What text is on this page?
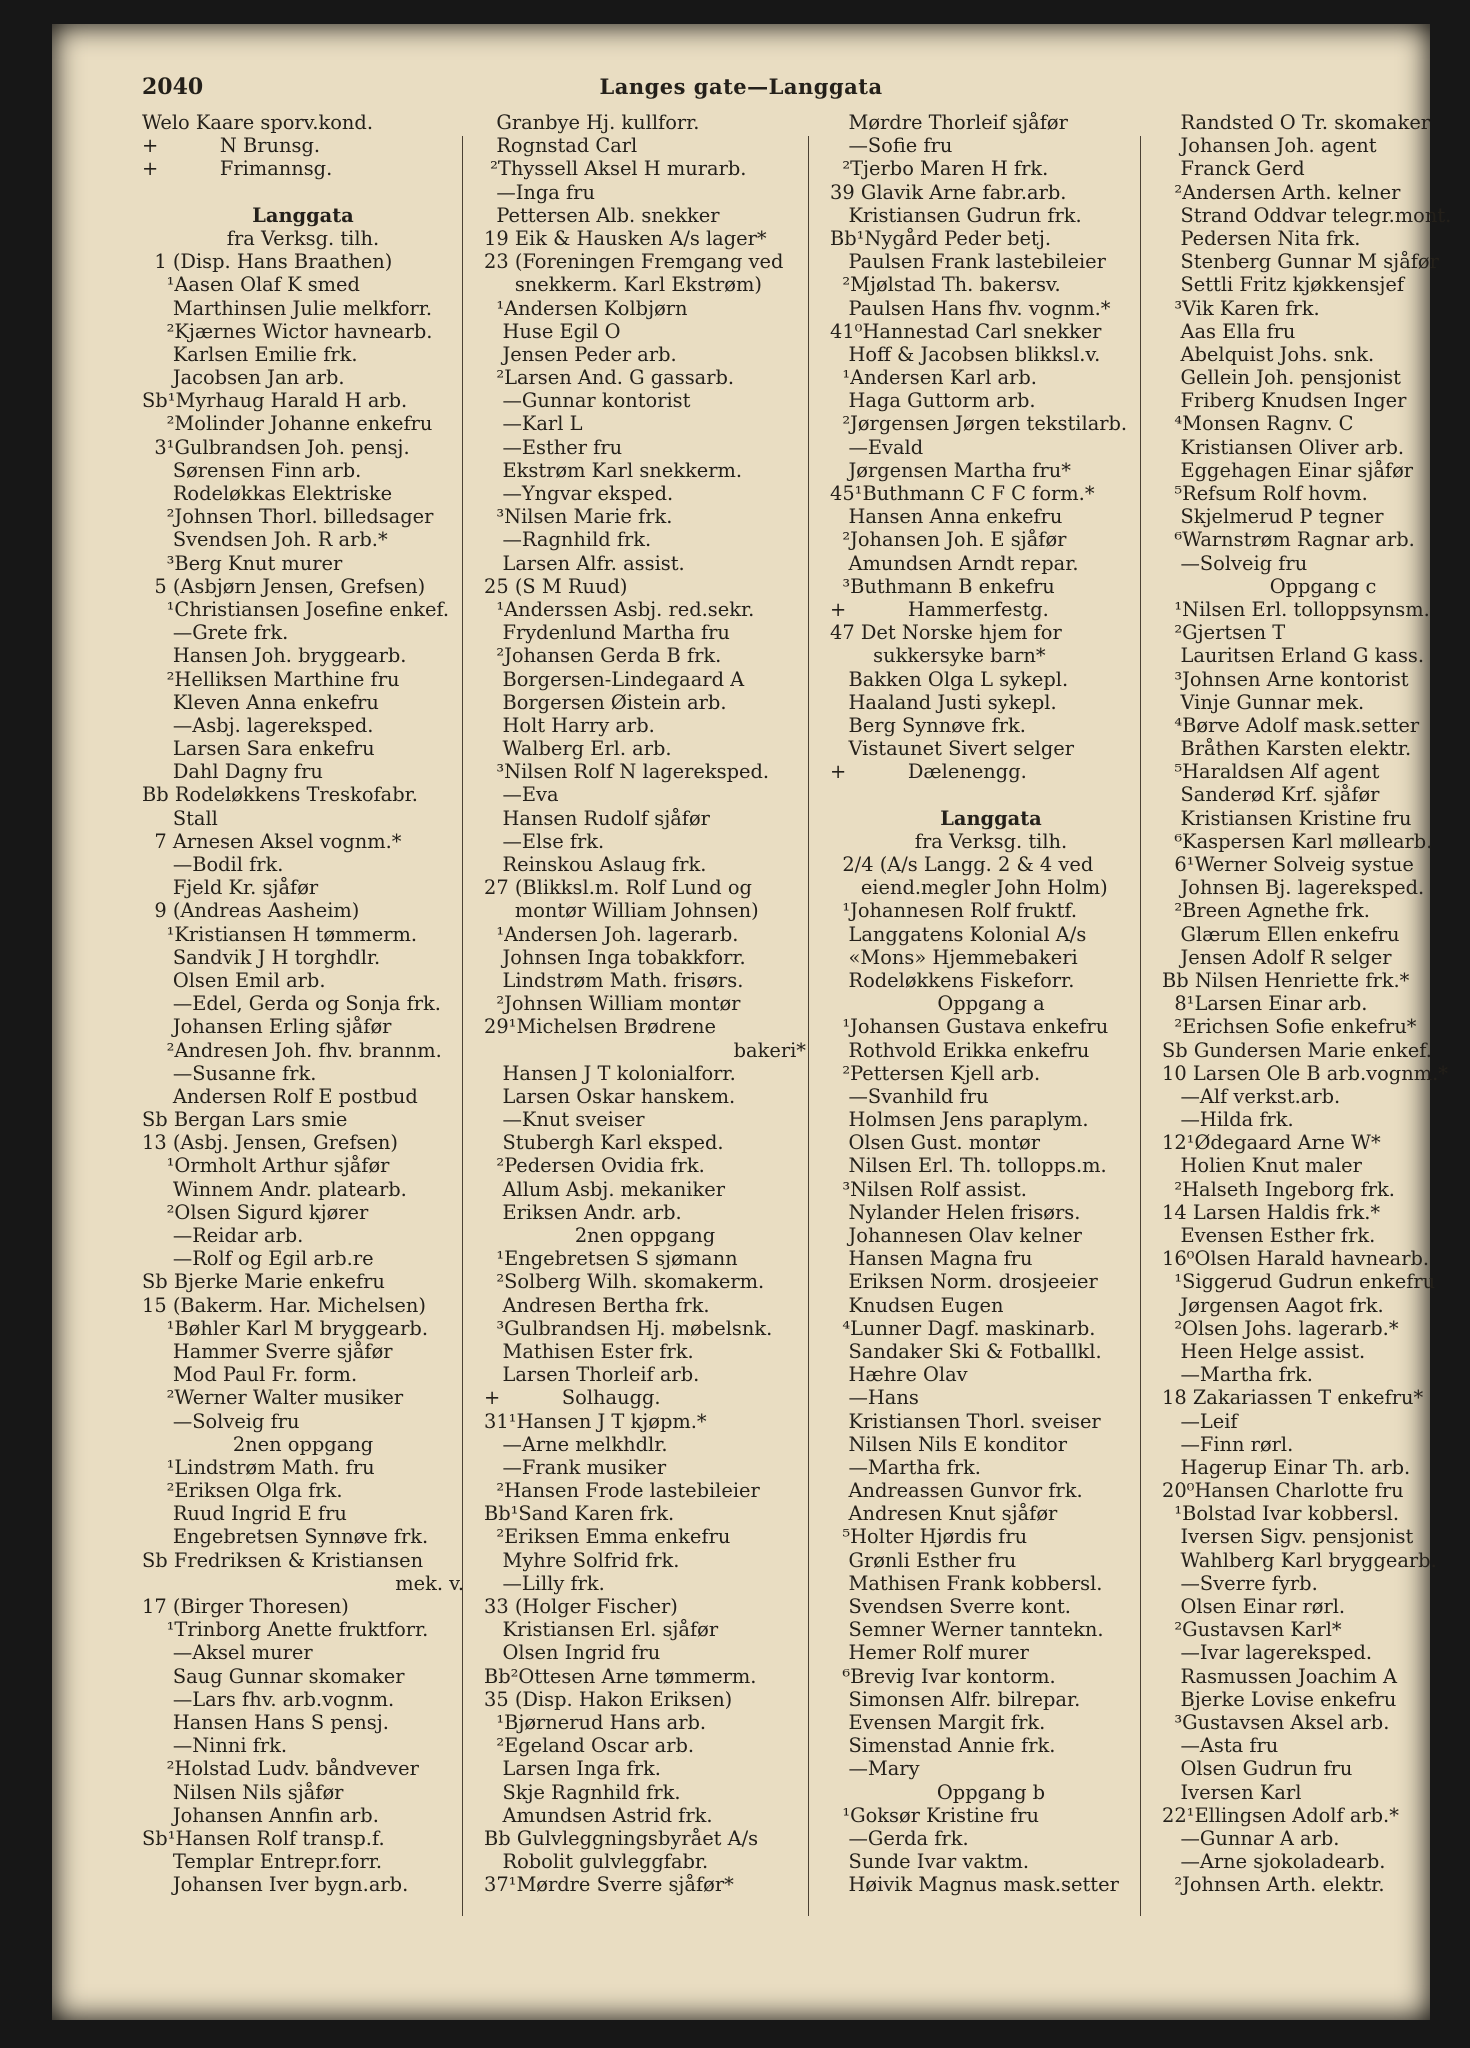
2040	Langes gate—Langgata
Welo Kaare sporv.kond.
+          N Brunsg.
+          Frimannsg.
Langgata
fra Verksg. tilh.
1 (Disp. Hans Braathen)
¹Aasen Olaf K smed
Marthinsen Julie melkforr.
²Kjærnes Wictor havnearb.
Karlsen Emilie frk.
Jacobsen Jan arb.
Sb¹Myrhaug Harald H arb.
²Molinder Johanne enkefru
3¹Gulbrandsen Joh. pensj.
Sørensen Finn arb.
Rodeløkkas Elektriske
²Johnsen Thorl. billedsager
Svendsen Joh. R arb.*
³Berg Knut murer
5 (Asbjørn Jensen, Grefsen)
¹Christiansen Josefine enkef.
—Grete frk.
Hansen Joh. bryggearb.
²Helliksen Marthine fru
Kleven Anna enkefru
—Asbj. lagereksped.
Larsen Sara enkefru
Dahl Dagny fru
Bb Rodeløkkens Treskofabr.
Stall
7 Arnesen Aksel vognm.*
—Bodil frk.
Fjeld Kr. sjåfør
9 (Andreas Aasheim)
¹Kristiansen H tømmerm.
Sandvik J H torghdlr.
Olsen Emil arb.
—Edel, Gerda og Sonja frk.
Johansen Erling sjåfør
²Andresen Joh. fhv. brannm.
—Susanne frk.
Andersen Rolf E postbud
Sb Bergan Lars smie
13 (Asbj. Jensen, Grefsen)
¹Ormholt Arthur sjåfør
Winnem Andr. platearb.
²Olsen Sigurd kjører
—Reidar arb.
—Rolf og Egil arb.re
Sb Bjerke Marie enkefru
15 (Bakerm. Har. Michelsen)
¹Bøhler Karl M bryggearb.
Hammer Sverre sjåfør
Mod Paul Fr. form.
²Werner Walter musiker
—Solveig fru
2nen oppgang
¹Lindstrøm Math. fru
²Eriksen Olga frk.
Ruud Ingrid E fru
Engebretsen Synnøve frk.
Sb Fredriksen & Kristiansen
mek. v.
17 (Birger Thoresen)
¹Trinborg Anette fruktforr.
—Aksel murer
Saug Gunnar skomaker
—Lars fhv. arb.vognm.
Hansen Hans S pensj.
—Ninni frk.
²Holstad Ludv. båndvever
Nilsen Nils sjåfør
Johansen Annfin arb.
Sb¹Hansen Rolf transp.f.
Templar Entrepr.forr.
Johansen Iver bygn.arb.
Granbye Hj. kullforr.
Rognstad Carl
²Thyssell Aksel H murarb.
—Inga fru
Pettersen Alb. snekker
19 Eik & Hausken A/s lager*
23 (Foreningen Fremgang ved
snekkerm. Karl Ekstrøm)
¹Andersen Kolbjørn
Huse Egil O
Jensen Peder arb.
²Larsen And. G gassarb.
—Gunnar kontorist
—Karl L
—Esther fru
Ekstrøm Karl snekkerm.
—Yngvar eksped.
³Nilsen Marie frk.
—Ragnhild frk.
Larsen Alfr. assist.
25 (S M Ruud)
¹Anderssen Asbj. red.sekr.
Frydenlund Martha fru
²Johansen Gerda B frk.
Borgersen-Lindegaard A
Borgersen Øistein arb.
Holt Harry arb.
Walberg Erl. arb.
³Nilsen Rolf N lagereksped.
—Eva
Hansen Rudolf sjåfør
—Else frk.
Reinskou Aslaug frk.
27 (Blikksl.m. Rolf Lund og
montør William Johnsen)
¹Andersen Joh. lagerarb.
Johnsen Inga tobakkforr.
Lindstrøm Math. frisørs.
²Johnsen William montør
29¹Michelsen Brødrene
bakeri*
Hansen J T kolonialforr.
Larsen Oskar hanskem.
—Knut sveiser
Stubergh Karl eksped.
²Pedersen Ovidia frk.
Allum Asbj. mekaniker
Eriksen Andr. arb.
2nen oppgang
¹Engebretsen S sjømann
²Solberg Wilh. skomakerm.
Andresen Bertha frk.
³Gulbrandsen Hj. møbelsnk.
Mathisen Ester frk.
Larsen Thorleif arb.
+          Solhaugg.
31¹Hansen J T kjøpm.*
—Arne melkhdlr.
—Frank musiker
²Hansen Frode lastebileier
Bb¹Sand Karen frk.
²Eriksen Emma enkefru
Myhre Solfrid frk.
—Lilly frk.
33 (Holger Fischer)
Kristiansen Erl. sjåfør
Olsen Ingrid fru
Bb²Ottesen Arne tømmerm.
35 (Disp. Hakon Eriksen)
¹Bjørnerud Hans arb.
²Egeland Oscar arb.
Larsen Inga frk.
Skje Ragnhild frk.
Amundsen Astrid frk.
Bb Gulvleggningsbyrået A/s
Robolit gulvleggfabr.
37¹Mørdre Sverre sjåfør*
Mørdre Thorleif sjåfør
—Sofie fru
²Tjerbo Maren H frk.
39 Glavik Arne fabr.arb.
Kristiansen Gudrun frk.
Bb¹Nygård Peder betj.
Paulsen Frank lastebileier
²Mjølstad Th. bakersv.
Paulsen Hans fhv. vognm.*
41⁰Hannestad Carl snekker
Hoff & Jacobsen blikksl.v.
¹Andersen Karl arb.
Haga Guttorm arb.
²Jørgensen Jørgen tekstilarb.
—Evald
Jørgensen Martha fru*
45¹Buthmann C F C form.*
Hansen Anna enkefru
²Johansen Joh. E sjåfør
Amundsen Arndt repar.
³Buthmann B enkefru
+          Hammerfestg.
47 Det Norske hjem for
sukkersyke barn*
Bakken Olga L sykepl.
Haaland Justi sykepl.
Berg Synnøve frk.
Vistaunet Sivert selger
+          Dælenengg.
Langgata
fra Verksg. tilh.
2/4 (A/s Langg. 2 & 4 ved
eiend.megler John Holm)
¹Johannesen Rolf fruktf.
Langgatens Kolonial A/s
«Mons» Hjemmebakeri
Rodeløkkens Fiskeforr.
Oppgang a
¹Johansen Gustava enkefru
Rothvold Erikka enkefru
²Pettersen Kjell arb.
—Svanhild fru
Holmsen Jens paraplym.
Olsen Gust. montør
Nilsen Erl. Th. tollopps.m.
³Nilsen Rolf assist.
Nylander Helen frisørs.
Johannesen Olav kelner
Hansen Magna fru
Eriksen Norm. drosjeeier
Knudsen Eugen
⁴Lunner Dagf. maskinarb.
Sandaker Ski & Fotballkl.
Hæhre Olav
—Hans
Kristiansen Thorl. sveiser
Nilsen Nils E konditor
—Martha frk.
Andreassen Gunvor frk.
Andresen Knut sjåfør
⁵Holter Hjørdis fru
Grønli Esther fru
Mathisen Frank kobbersl.
Svendsen Sverre kont.
Semner Werner tanntekn.
Hemer Rolf murer
⁶Brevig Ivar kontorm.
Simonsen Alfr. bilrepar.
Evensen Margit frk.
Simenstad Annie frk.
—Mary
Oppgang b
¹Goksør Kristine fru
—Gerda frk.
Sunde Ivar vaktm.
Høivik Magnus mask.setter
Randsted O Tr. skomaker
Johansen Joh. agent
Franck Gerd
²Andersen Arth. kelner
Strand Oddvar telegr.mont.
Pedersen Nita frk.
Stenberg Gunnar M sjåfør
Settli Fritz kjøkkensjef
³Vik Karen frk.
Aas Ella fru
Abelquist Johs. snk.
Gellein Joh. pensjonist
Friberg Knudsen Inger
⁴Monsen Ragnv. C
Kristiansen Oliver arb.
Eggehagen Einar sjåfør
⁵Refsum Rolf hovm.
Skjelmerud P tegner
⁶Warnstrøm Ragnar arb.
—Solveig fru
Oppgang c
¹Nilsen Erl. tolloppsynsm.
²Gjertsen T
Lauritsen Erland G kass.
³Johnsen Arne kontorist
Vinje Gunnar mek.
⁴Børve Adolf mask.setter
Bråthen Karsten elektr.
⁵Haraldsen Alf agent
Sanderød Krf. sjåfør
Kristiansen Kristine fru
⁶Kaspersen Karl møllearb.
6¹Werner Solveig systue
Johnsen Bj. lagereksped.
²Breen Agnethe frk.
Glærum Ellen enkefru
Jensen Adolf R selger
Bb Nilsen Henriette frk.*
8¹Larsen Einar arb.
²Erichsen Sofie enkefru*
Sb Gundersen Marie enkef.
10 Larsen Ole B arb.vognm.*
—Alf verkst.arb.
—Hilda frk.
12¹Ødegaard Arne W*
Holien Knut maler
²Halseth Ingeborg frk.
14 Larsen Haldis frk.*
Evensen Esther frk.
16⁰Olsen Harald havnearb.
¹Siggerud Gudrun enkefru
Jørgensen Aagot frk.
²Olsen Johs. lagerarb.*
Heen Helge assist.
—Martha frk.
18 Zakariassen T enkefru*
—Leif
—Finn rørl.
Hagerup Einar Th. arb.
20⁰Hansen Charlotte fru
¹Bolstad Ivar kobbersl.
Iversen Sigv. pensjonist
Wahlberg Karl bryggearb.
—Sverre fyrb.
Olsen Einar rørl.
²Gustavsen Karl*
—Ivar lagereksped.
Rasmussen Joachim A
Bjerke Lovise enkefru
³Gustavsen Aksel arb.
—Asta fru
Olsen Gudrun fru
Iversen Karl
22¹Ellingsen Adolf arb.*
—Gunnar A arb.
—Arne sjokoladearb.
²Johnsen Arth. elektr.
